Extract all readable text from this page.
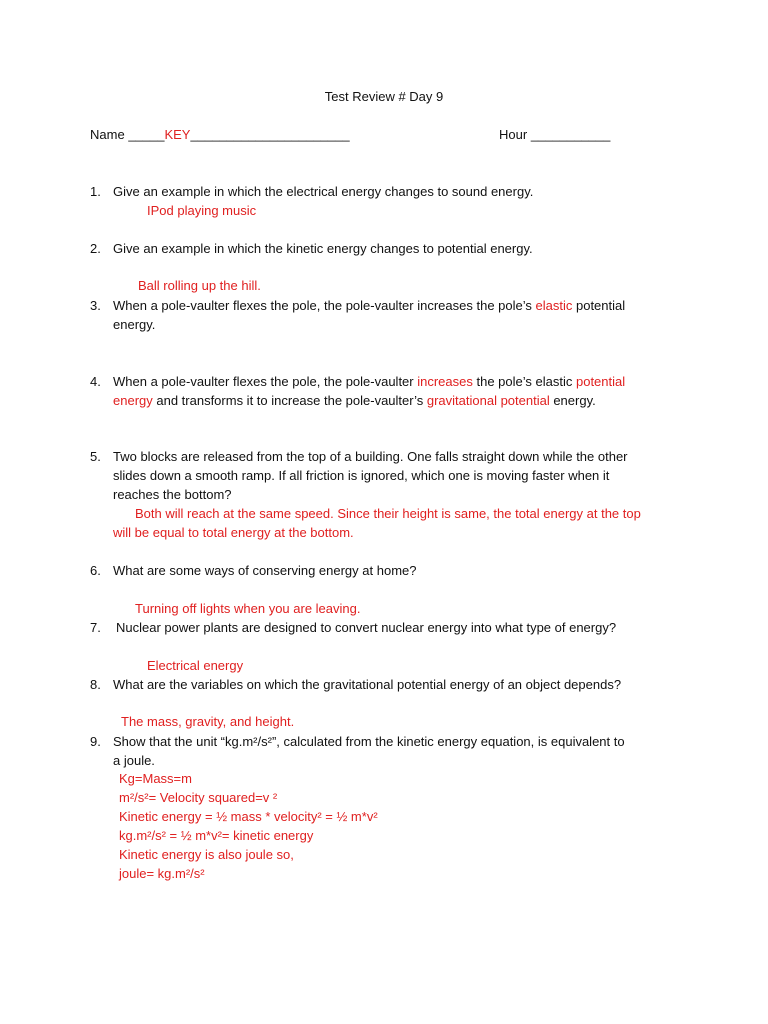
Test Review # Day 9
Name _____KEY______________________	Hour ___________
1. Give an example in which the electrical energy changes to sound energy.
IPod playing music
2. Give an example in which the kinetic energy changes to potential energy.
Ball rolling up the hill.
3. When a pole-vaulter flexes the pole, the pole-vaulter increases the pole’s elastic potential
energy.
4. When a pole-vaulter flexes the pole, the pole-vaulter increases the pole’s elastic potential
energy and transforms it to increase the pole-vaulter’s gravitational potential energy.
5. Two blocks are released from the top of a building. One falls straight down while the other
slides down a smooth ramp. If all friction is ignored, which one is moving faster when it
reaches the bottom?
Both will reach at the same speed. Since their height is same, the total energy at the top
will be equal to total energy at the bottom.
6. What are some ways of conserving energy at home?
Turning off lights when you are leaving.
7.	Nuclear power plants are designed to convert nuclear energy into what type of energy?
Electrical energy
8. What are the variables on which the gravitational potential energy of an object depends?
The mass, gravity, and height.
9. Show that the unit “kg.m²/s²”, calculated from the kinetic energy equation, is equivalent to
a joule.
Kg=Mass=m
m²/s²= Velocity squared=v ²
Kinetic energy = ½ mass * velocity² = ½ m*v²
kg.m²/s² = ½ m*v²= kinetic energy
Kinetic energy is also joule so,
joule= kg.m²/s²
